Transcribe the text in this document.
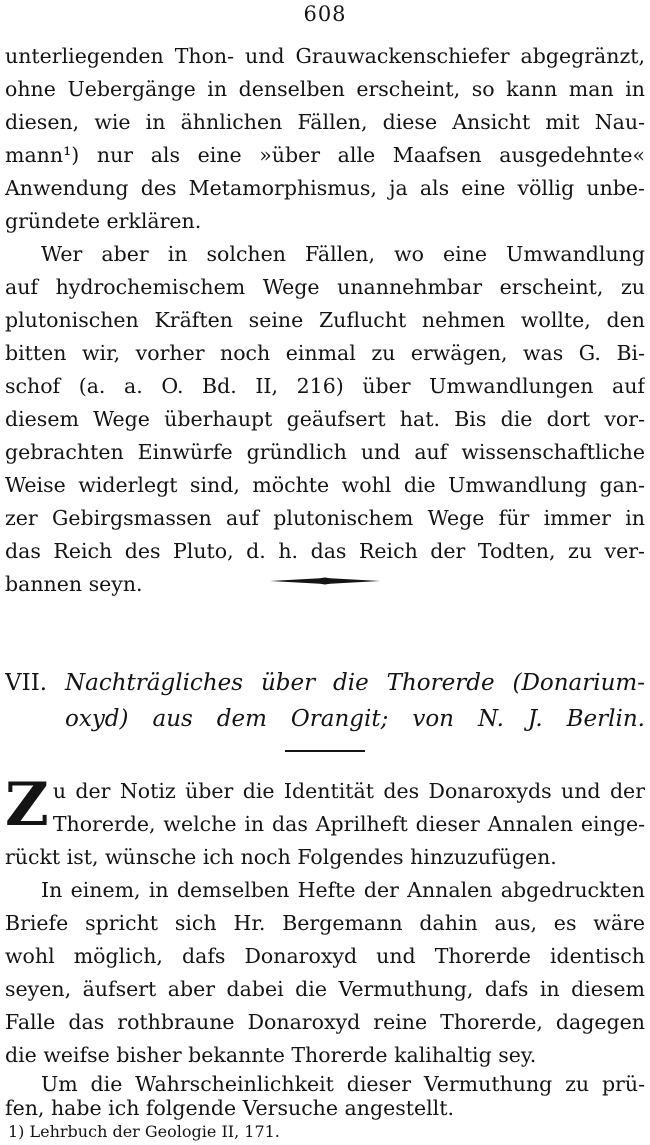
608
unterliegenden Thon- und Grauwackenschiefer abgegränzt,
ohne Uebergänge in denselben erscheint, so kann man in
diesen, wie in ähnlichen Fällen, diese Ansicht mit Nau-
mann¹) nur als eine »über alle Maafsen ausgedehnte«
Anwendung des Metamorphismus, ja als eine völlig unbe-
gründete erklären.
Wer aber in solchen Fällen, wo eine Umwandlung
auf hydrochemischem Wege unannehmbar erscheint, zu
plutonischen Kräften seine Zuflucht nehmen wollte, den
bitten wir, vorher noch einmal zu erwägen, was G. Bi-
schof (a. a. O. Bd. II, 216) über Umwandlungen auf
diesem Wege überhaupt geäufsert hat. Bis die dort vor-
gebrachten Einwürfe gründlich und auf wissenschaftliche
Weise widerlegt sind, möchte wohl die Umwandlung gan-
zer Gebirgsmassen auf plutonischem Wege für immer in
das Reich des Pluto, d. h. das Reich der Todten, zu ver-
bannen seyn.
VII. Nachträgliches über die Thorerde (Donarium-
oxyd) aus dem Orangit; von N. J. Berlin.
Z u der Notiz über die Identität des Donaroxyds und der
Thorerde, welche in das Aprilheft dieser Annalen einge-
rückt ist, wünsche ich noch Folgendes hinzuzufügen.
In einem, in demselben Hefte der Annalen abgedruckten
Briefe spricht sich Hr. Bergemann dahin aus, es wäre
wohl möglich, dafs Donaroxyd und Thorerde identisch
seyen, äufsert aber dabei die Vermuthung, dafs in diesem
Falle das rothbraune Donaroxyd reine Thorerde, dagegen
die weifse bisher bekannte Thorerde kalihaltig sey.
Um die Wahrscheinlichkeit dieser Vermuthung zu prü-
fen, habe ich folgende Versuche angestellt.
1) Lehrbuch der Geologie II, 171.
